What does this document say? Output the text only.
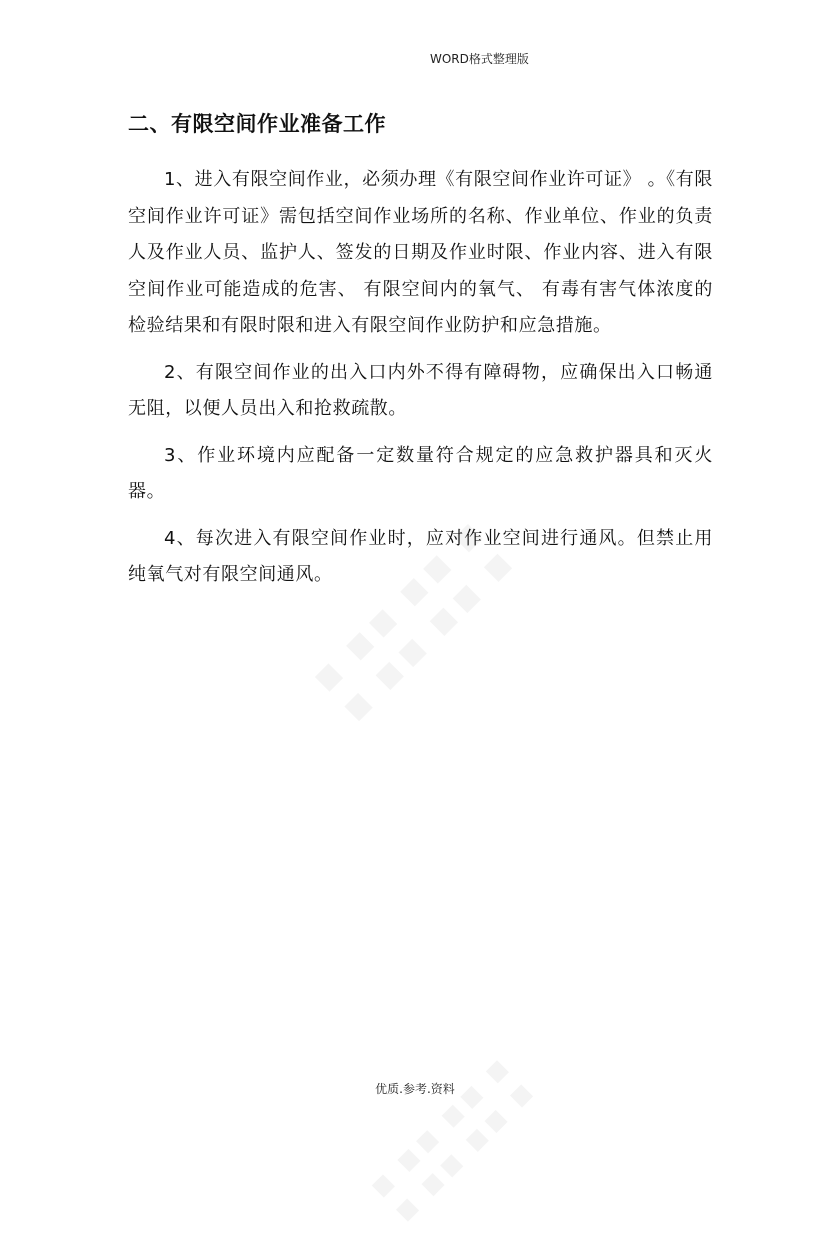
WORD格式整理版
二、有限空间作业准备工作

1、进入有限空间作业，必须办理《有限空间作业许可证》 。《有限空间作业许可证》需包括空间作业场所的名称、作业单位、作业的负责人及作业人员、监护人、签发的日期及作业时限、作业内容、进入有限空间作业可能造成的危害、 有限空间内的氧气、 有毒有害气体浓度的检验结果和有限时限和进入有限空间作业防护和应急措施。

2、有限空间作业的出入口内外不得有障碍物，应确保出入口畅通无阻，以便人员出入和抢救疏散。

3、作业环境内应配备一定数量符合规定的应急救护器具和灭火器。

4、每次进入有限空间作业时，应对作业空间进行通风。但禁止用纯氧气对有限空间通风。

优质.参考.资料
